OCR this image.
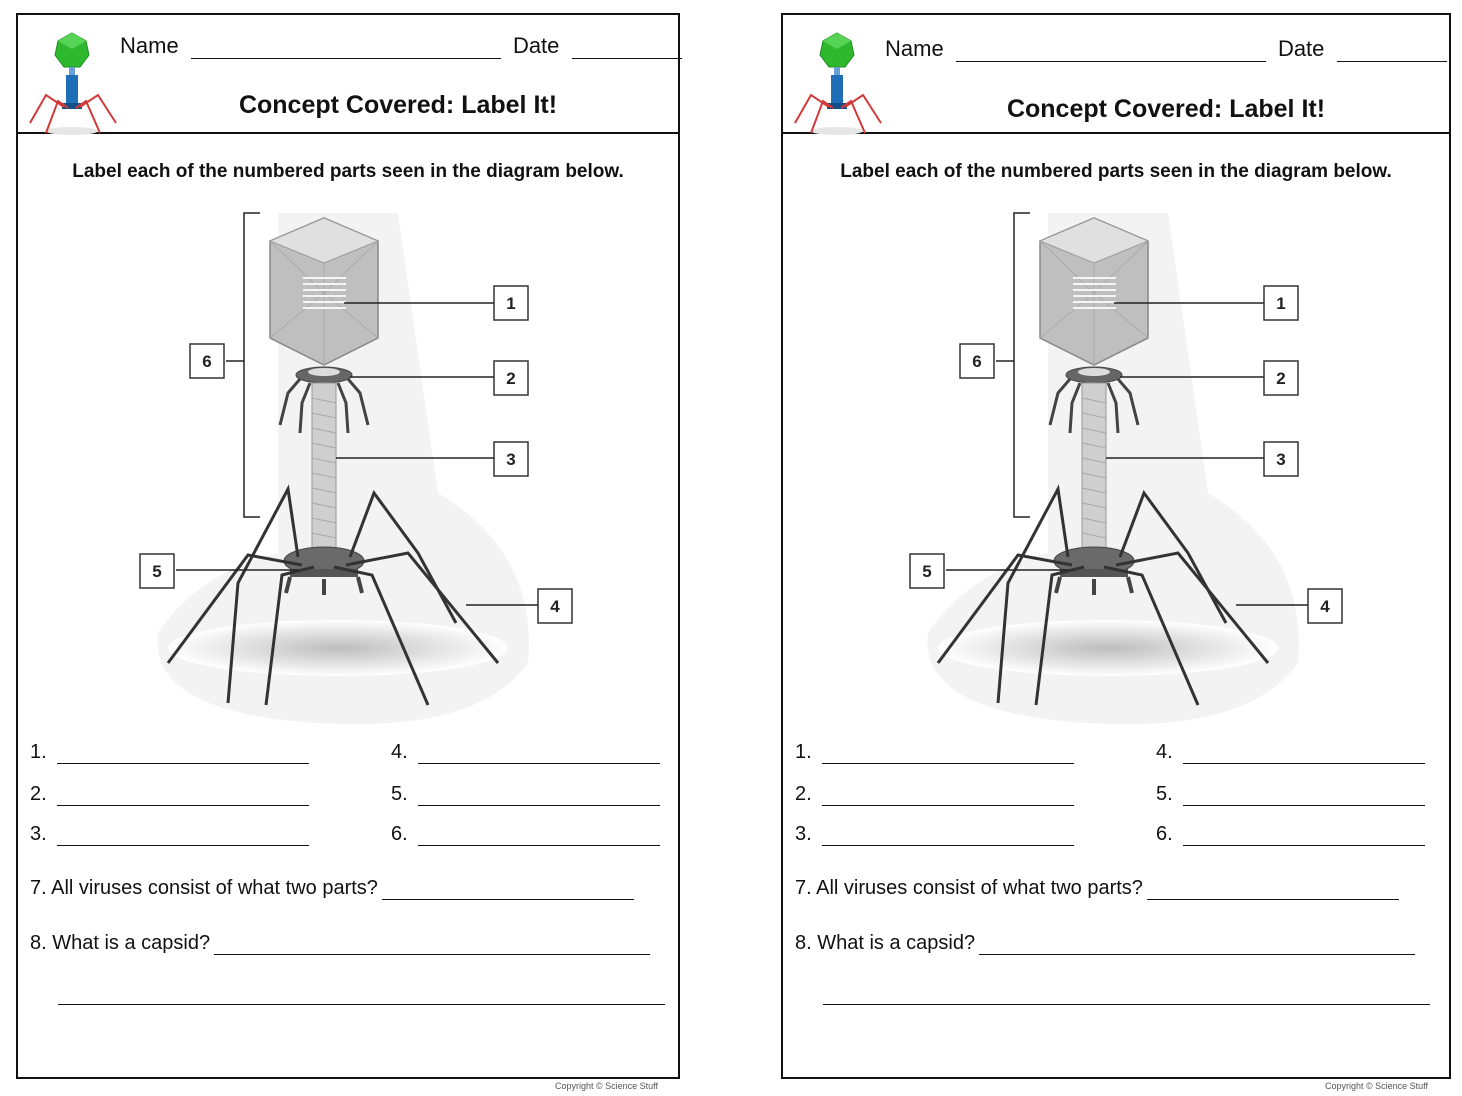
Name	Date
Concept Covered: Label It!
Label each of the numbered parts seen in the diagram below.
1
2
3
4
5
6
1.
2.
3.
4.
5.
6.
7. All viruses consist of what two parts?
8. What is a capsid?
Copyright © Science Stuff
Name	Date
Concept Covered: Label It!
Label each of the numbered parts seen in the diagram below.
1
2
3
4
5
6
1.
2.
3.
4.
5.
6.
7. All viruses consist of what two parts?
8. What is a capsid?
Copyright © Science Stuff
